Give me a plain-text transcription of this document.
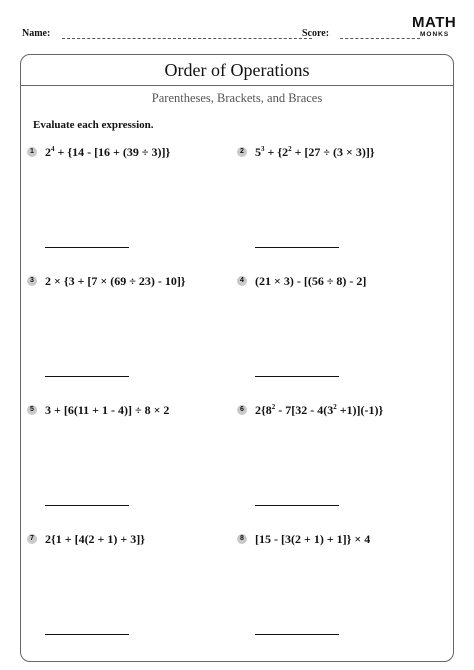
Name:	Score:
MATH
MONKS
Order of Operations
Parentheses, Brackets, and Braces
Evaluate each expression.
1 $2^4 + \{14 - [16 + (39 \div 3)]\}$	2 $5^3 + \{2^2 + [27 \div (3 \times 3)]\}$
3 2 × {3 + [7 × (69 ÷ 23) - 10]}	4 (21 × 3) - [(56 ÷ 8) - 2]
5 3 + [6(11 + 1 - 4)] ÷ 8 × 2	6 $2\{8^2 - 7[32 - 4(3^2 +1)](-1)\}$
7 2{1 + [4(2 + 1) + 3]}	8 [15 - [3(2 + 1) + 1]} × 4
